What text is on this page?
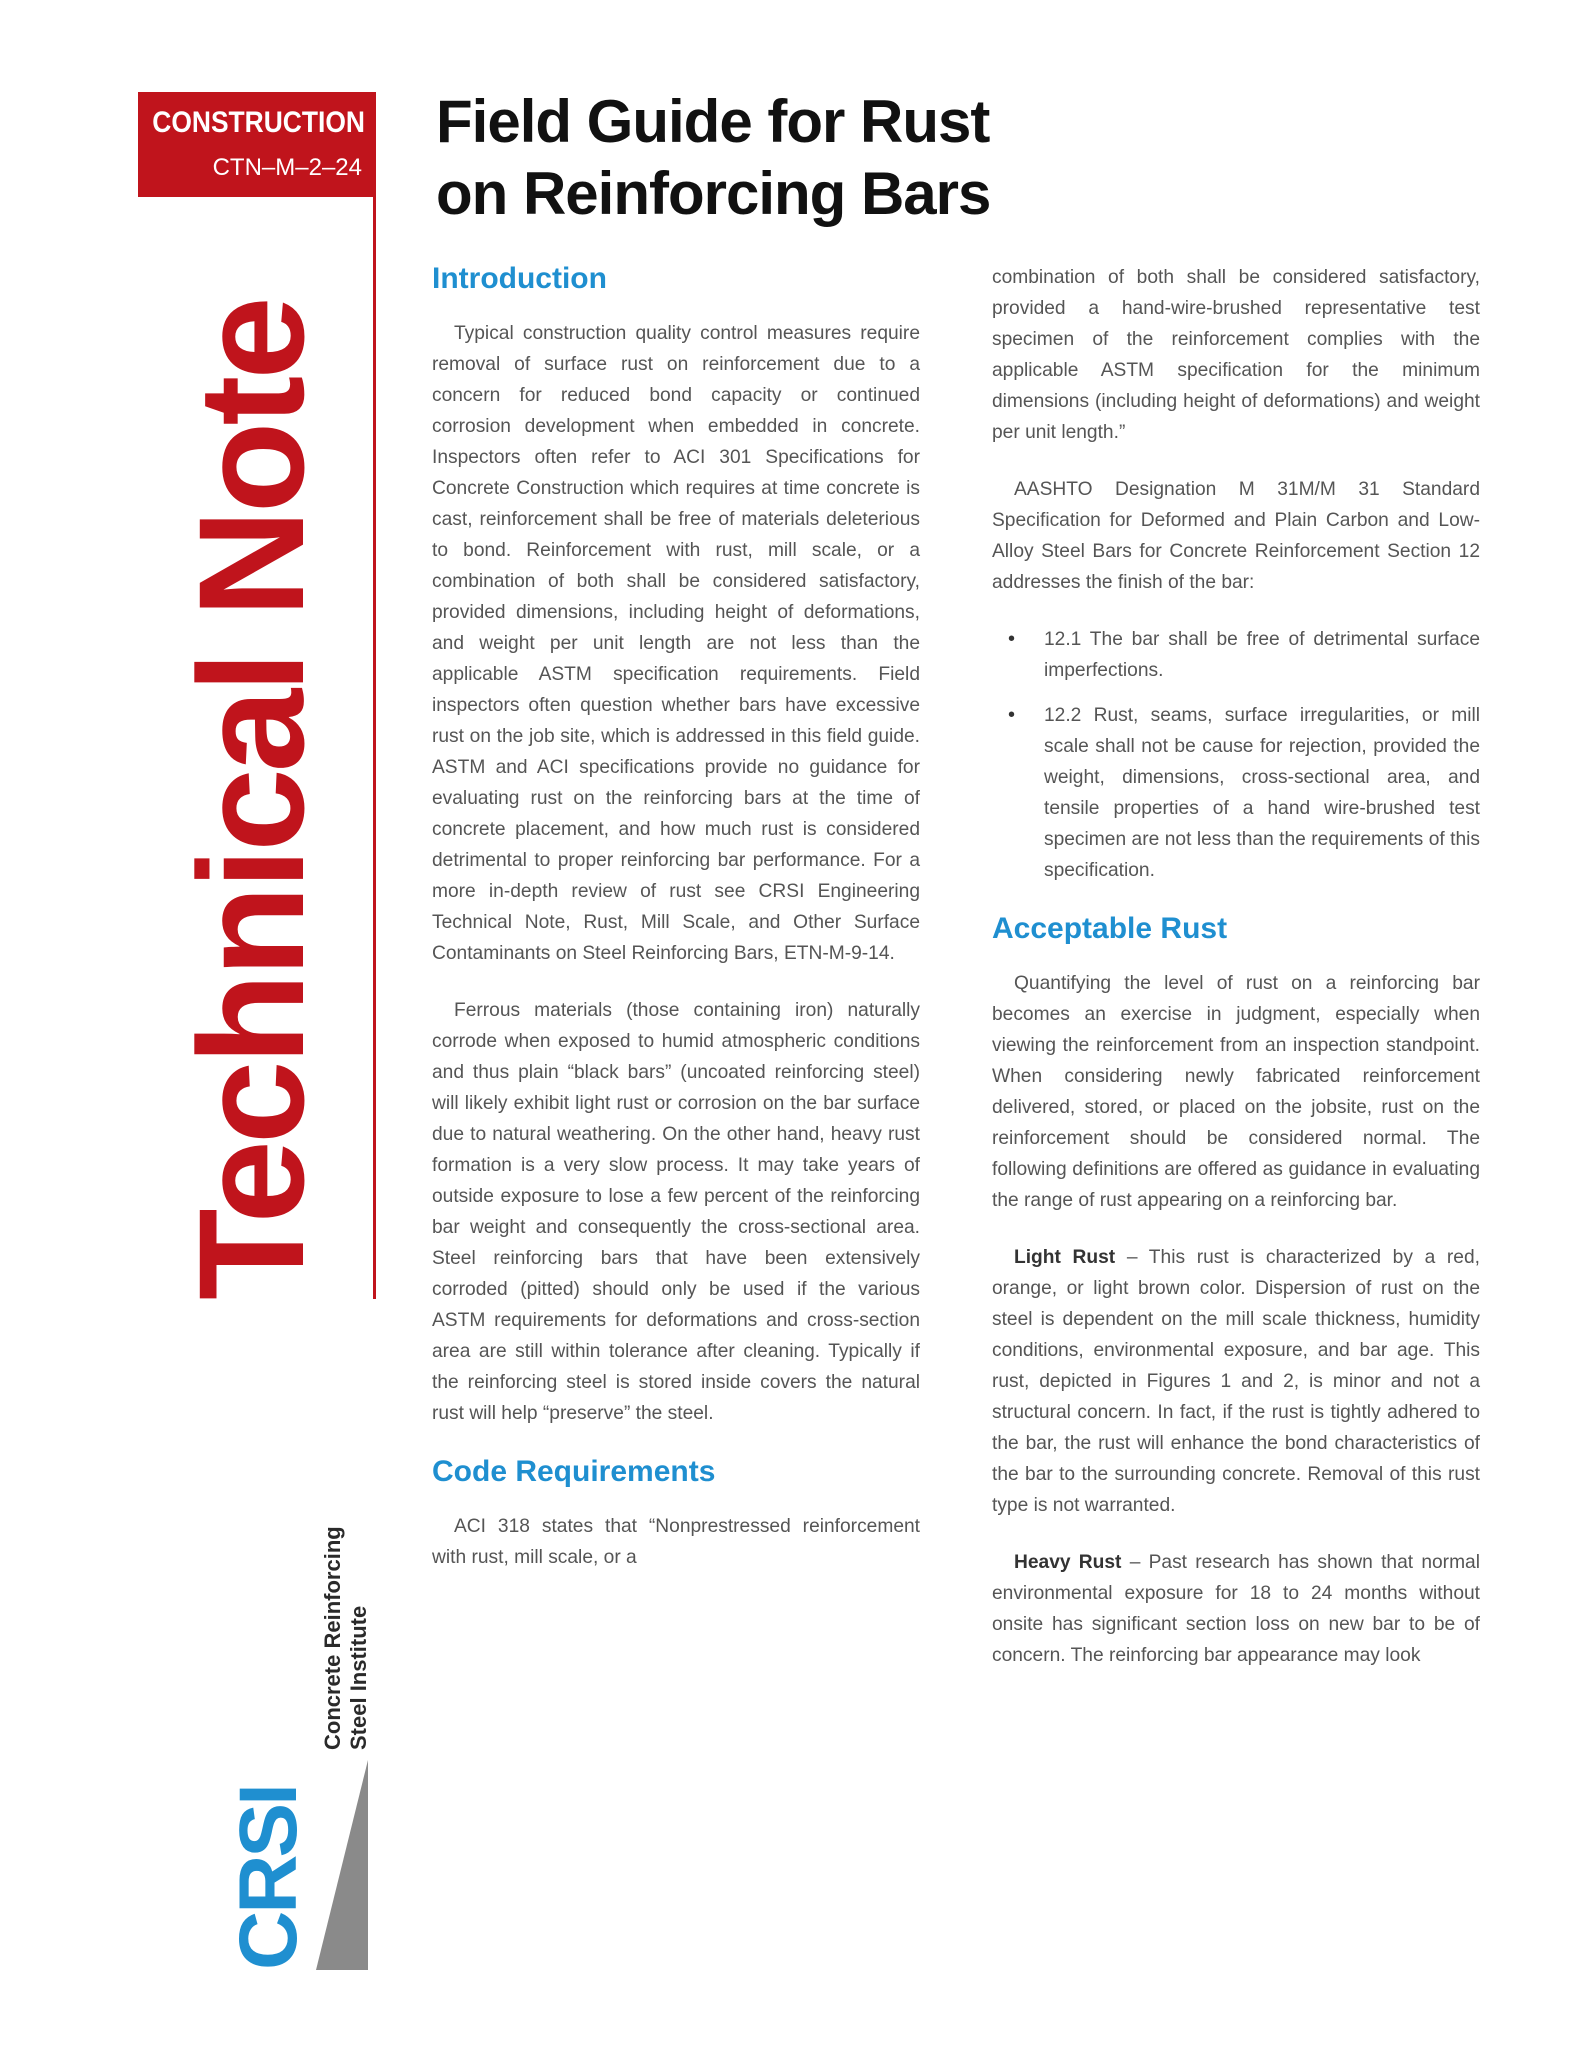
CONSTRUCTION
CTN–M–2–24
Technical Note
CRSI
Concrete Reinforcing Steel Institute
Field Guide for Rust
on Reinforcing Bars
Introduction

Typical construction quality control measures require removal of surface rust on reinforcement due to a concern for reduced bond capacity or continued corrosion development when embedded in concrete. Inspectors often refer to ACI 301 Specifications for Concrete Construction which requires at time concrete is cast, reinforcement shall be free of materials deleterious to bond. Reinforcement with rust, mill scale, or a combination of both shall be considered satisfactory, provided dimensions, including height of deformations, and weight per unit length are not less than the applicable ASTM specification requirements. Field inspectors often question whether bars have excessive rust on the job site, which is addressed in this field guide. ASTM and ACI specifications provide no guidance for evaluating rust on the reinforcing bars at the time of concrete placement, and how much rust is considered detrimental to proper reinforcing bar performance. For a more in-depth review of rust see CRSI Engineering Technical Note, Rust, Mill Scale, and Other Surface Contaminants on Steel Reinforcing Bars, ETN-M-9-14.

Ferrous materials (those containing iron) naturally corrode when exposed to humid atmospheric conditions and thus plain “black bars” (uncoated reinforcing steel) will likely exhibit light rust or corrosion on the bar surface due to natural weathering. On the other hand, heavy rust formation is a very slow process. It may take years of outside exposure to lose a few percent of the reinforcing bar weight and consequently the cross-sectional area. Steel reinforcing bars that have been extensively corroded (pitted) should only be used if the various ASTM requirements for deformations and cross-section area are still within tolerance after cleaning. Typically if the reinforcing steel is stored inside covers the natural rust will help “preserve” the steel.

Code Requirements

ACI 318 states that “Nonprestressed reinforcement with rust, mill scale, or a

combination of both shall be considered satisfactory, provided a hand-wire-brushed representative test specimen of the reinforcement complies with the applicable ASTM specification for the minimum dimensions (including height of deformations) and weight per unit length.”

AASHTO Designation M 31M/M 31 Standard Specification for Deformed and Plain Carbon and Low-Alloy Steel Bars for Concrete Reinforcement Section 12 addresses the finish of the bar:

• 12.1 The bar shall be free of detrimental surface imperfections.
• 12.2 Rust, seams, surface irregularities, or mill scale shall not be cause for rejection, provided the weight, dimensions, cross-sectional area, and tensile properties of a hand wire-brushed test specimen are not less than the requirements of this specification.
Acceptable Rust

Quantifying the level of rust on a reinforcing bar becomes an exercise in judgment, especially when viewing the reinforcement from an inspection standpoint. When considering newly fabricated reinforcement delivered, stored, or placed on the jobsite, rust on the reinforcement should be considered normal. The following definitions are offered as guidance in evaluating the range of rust appearing on a reinforcing bar.

Light Rust – This rust is characterized by a red, orange, or light brown color. Dispersion of rust on the steel is dependent on the mill scale thickness, humidity conditions, environmental exposure, and bar age. This rust, depicted in Figures 1 and 2, is minor and not a structural concern. In fact, if the rust is tightly adhered to the bar, the rust will enhance the bond characteristics of the bar to the surrounding concrete. Removal of this rust type is not warranted.

Heavy Rust – Past research has shown that normal environmental exposure for 18 to 24 months without onsite has significant section loss on new bar to be of concern. The reinforcing bar appearance may look
